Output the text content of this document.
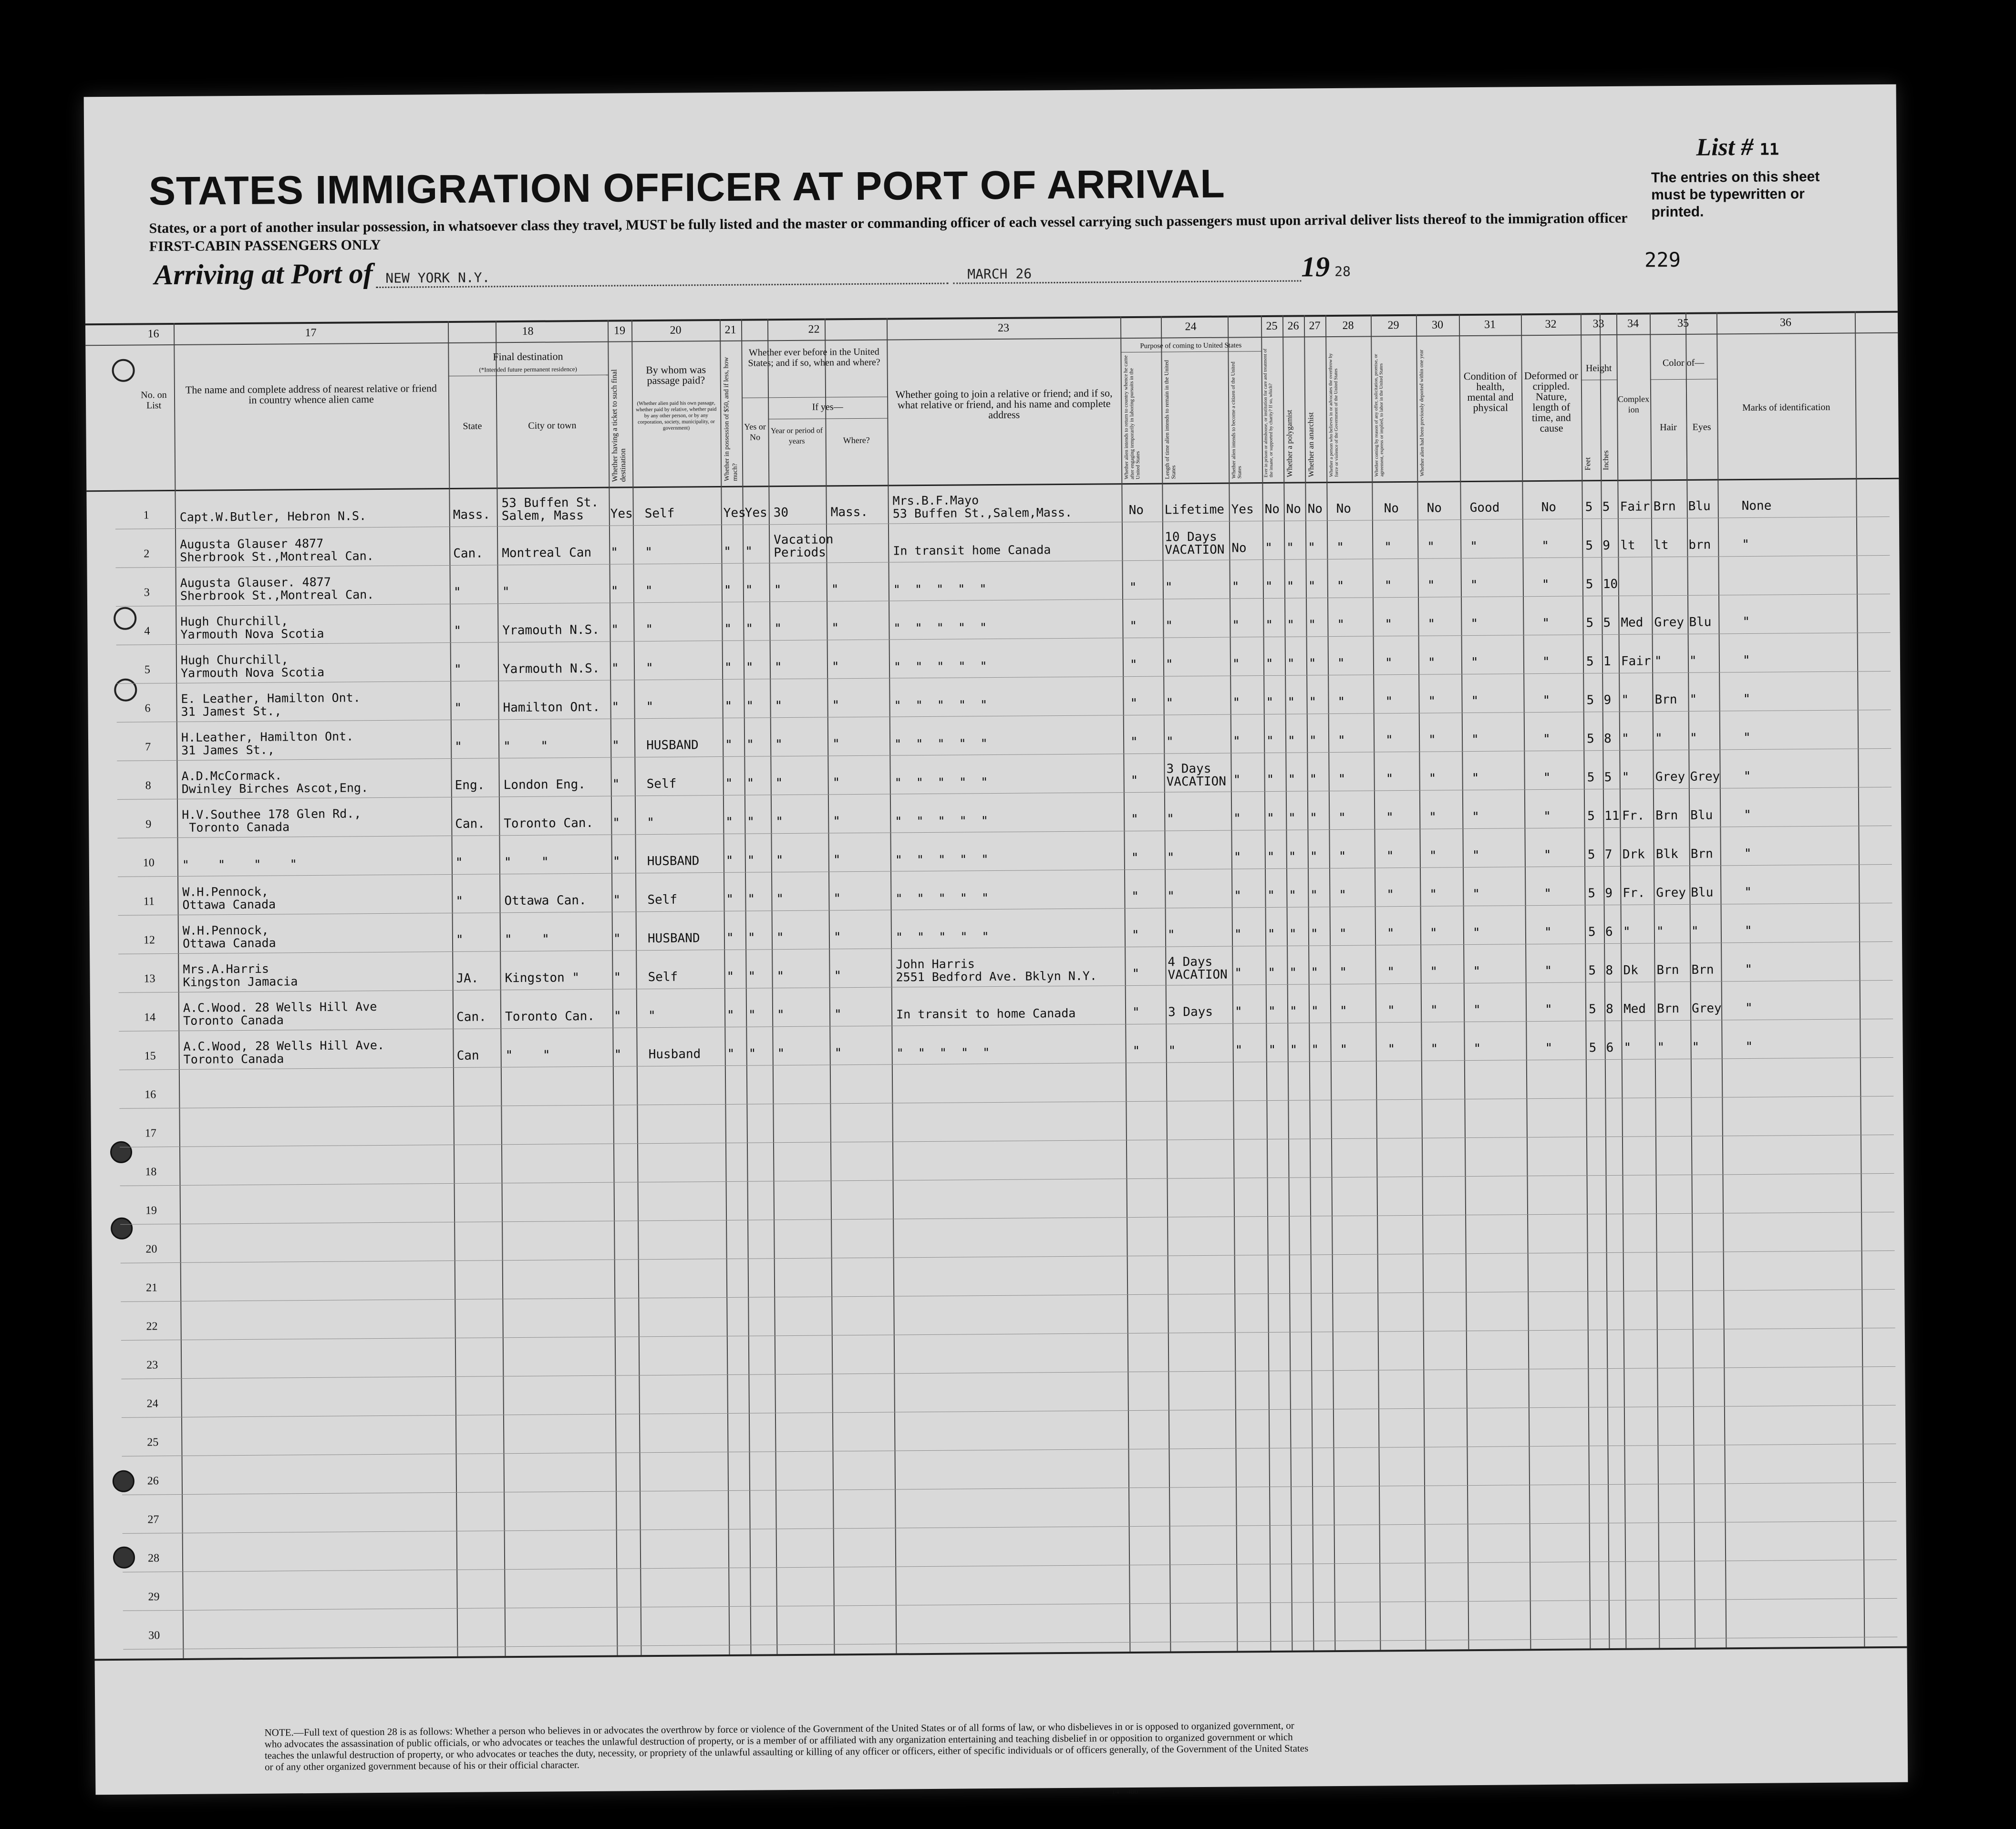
STATES IMMIGRATION OFFICER AT PORT OF ARRIVAL
States, or a port of another insular possession, in whatsoever class they travel, MUST be fully listed and the master or commanding officer of each vessel carrying such passengers must upon arrival deliver lists thereof to the immigration officer
FIRST-CABIN PASSENGERS ONLY
List # 11
The entries on this sheet must be typewritten or printed.
Arriving at Port of NEW YORK N.Y.	MARCH 26	19 28	229
16	17	18	19	20	21	22	23	24	25 26 27	28	29	30	31	32	33	34	35	36
No. on List
The name and complete address of nearest relative or friend in country whence alien came
Final destination
(*Intended future permanent residence)
State	City or town	Whether having a ticket to such final destination
By whom was passage paid?
(Whether alien paid his own passage, whether paid by relative, whether paid by any other person, or by any corporation, society, municipality, or government)	Whether in possession of $50, and if less, how much?
Whether ever before in the United States; and if so, when and where?
Yes or No
If yes—
Year or period of years	Where?
Whether going to join a relative or friend; and if so, what relative or friend, and his name and complete address
Purpose of coming to United States
Whether alien intends to return to country whence he came after engaging temporarily in laboring pursuits in the United States	Length of time alien intends to remain in the United States	Whether alien intends to become a citizen of the United States	Ever in prison or almshouse, or institution for care and treatment of the insane, or supported by charity? If so, which?	Whether a polygamist	Whether an anarchist	Whether a person who believes in or advocates the overthrow by force or violence of the Government of the United States	Whether coming by reason of any offer, solicitation, promise, or agreement, express or implied, to labor in the United States	Whether alien had been previously deported within one year	Condition of health, mental and physical
Deformed or crippled. Nature, length of time, and cause
Height
Feet	Inches
Complexion
Color of—
Hair	Eyes
Marks of identification
1	Capt.W.Butler, Hebron N.S.	Mass.
53 Buffen St.
Salem, Mass	Yes Self	Yes
Yes 30	Mass.
Mrs.B.F.Mayo
53 Buffen St.,Salem,Mass.	No Lifetime Yes No No No No	No No Good	No 5 5 Fair Brn Blu None
2
Augusta Glauser 4877
Sherbrook St.,Montreal Can.	Can. Montreal Can " "	" "
Vacation
Periods	In transit home Canada
10 Days
VACATION No " " " "	"	"	"	"	5 9 lt lt brn "
3
Augusta Glauser. 4877
Sherbrook St.,Montreal Can.	"	"	" "	" " "	"	"  "  "  "  "	" "	" " " " "	"	"	"	"	5 10
4
Hugh Churchill,
Yarmouth Nova Scotia	"	Yramouth N.S. " "	" " "	"	"  "  "  "  "	" "	" " " " "	"	"	"	"	5 5 Med Grey Blu "
5
Hugh Churchill,
Yarmouth Nova Scotia	"	Yarmouth N.S. " "	" " "	"	"  "  "  "  "	" "	" " " " "	"	"	"	"	5 1 Fair " "	"
6
E. Leather, Hamilton Ont.
31 Jamest St.,	"	Hamilton Ont. " "	" " "	"	"  "  "  "  "	" "	" " " " "	"	"	"	"	5 9 " Brn "	"
7
H.Leather, Hamilton Ont.
31 James St.,	"	"    "	" HUSBAND " " "	"	"  "  "  "  "	" "	" " " " "	"	"	"	"	5 8 " " "	"
8
A.D.McCormack.
Dwinley Birches Ascot,Eng.	Eng. London Eng. " Self	" " "	"	"  "  "  "  "	"
3 Days
VACATION " " " " "	"	"	"	"	5 5 " Grey Grey "
9
H.V.Southee 178 Glen Rd.,
Toronto Canada	Can. Toronto Can. " "	" " "	"	"  "  "  "  "	" "	" " " " "	"	"	"	"	5 11 Fr. Brn Blu "
10	"    "    "    "	"	"    "	" HUSBAND " " "	"	"  "  "  "  "	" "	" " " " "	"	"	"	"	5 7 Drk Blk Brn "
11
W.H.Pennock,
Ottawa Canada	"	Ottawa Can. " Self	" " "	"	"  "  "  "  "	" "	" " " " "	"	"	"	"	5 9 Fr. Grey Blu "
12
W.H.Pennock,
Ottawa Canada	"	"    "	" HUSBAND " " "	"	"  "  "  "  "	" "	" " " " "	"	"	"	"	5 6 " " "	"
13
Mrs.A.Harris
Kingston Jamacia	JA. Kingston "	" Self	" " "	"
John Harris
2551 Bedford Ave. Bklyn N.Y.	"
4 Days
VACATION " " " " "	"	"	"	"	5 8 Dk Brn Brn "
14
A.C.Wood. 28 Wells Hill Ave
Toronto Canada	Can. Toronto Can. " "	" " "	"	In transit to home Canada	" 3 Days " " " " "	"	"	"	"	5 8 Med Brn Grey "
15
A.C.Wood, 28 Wells Hill Ave.
Toronto Canada	Can "    "	" Husband " " "	"	"  "  "  "  "	" "	" " " " "	"	"	"	"	5 6 " " "	"
16
17
18
19
20
21
22
23
24
25
26
27
28
29
30
NOTE.—Full text of question 28 is as follows: Whether a person who believes in or advocates the overthrow by force or violence of the Government of the United States or of all forms of law, or who disbelieves in or is opposed to organized government, or who advocates the assassination of public officials, or who advocates or teaches the unlawful destruction of property, or is a member of or affiliated with any organization entertaining and teaching disbelief in or opposition to organized government or which teaches the unlawful destruction of property, or who advocates or teaches the duty, necessity, or propriety of the unlawful assaulting or killing of any officer or officers, either of specific individuals or of officers generally, of the Government of the United States or of any other organized government because of his or their official character.
14—480
